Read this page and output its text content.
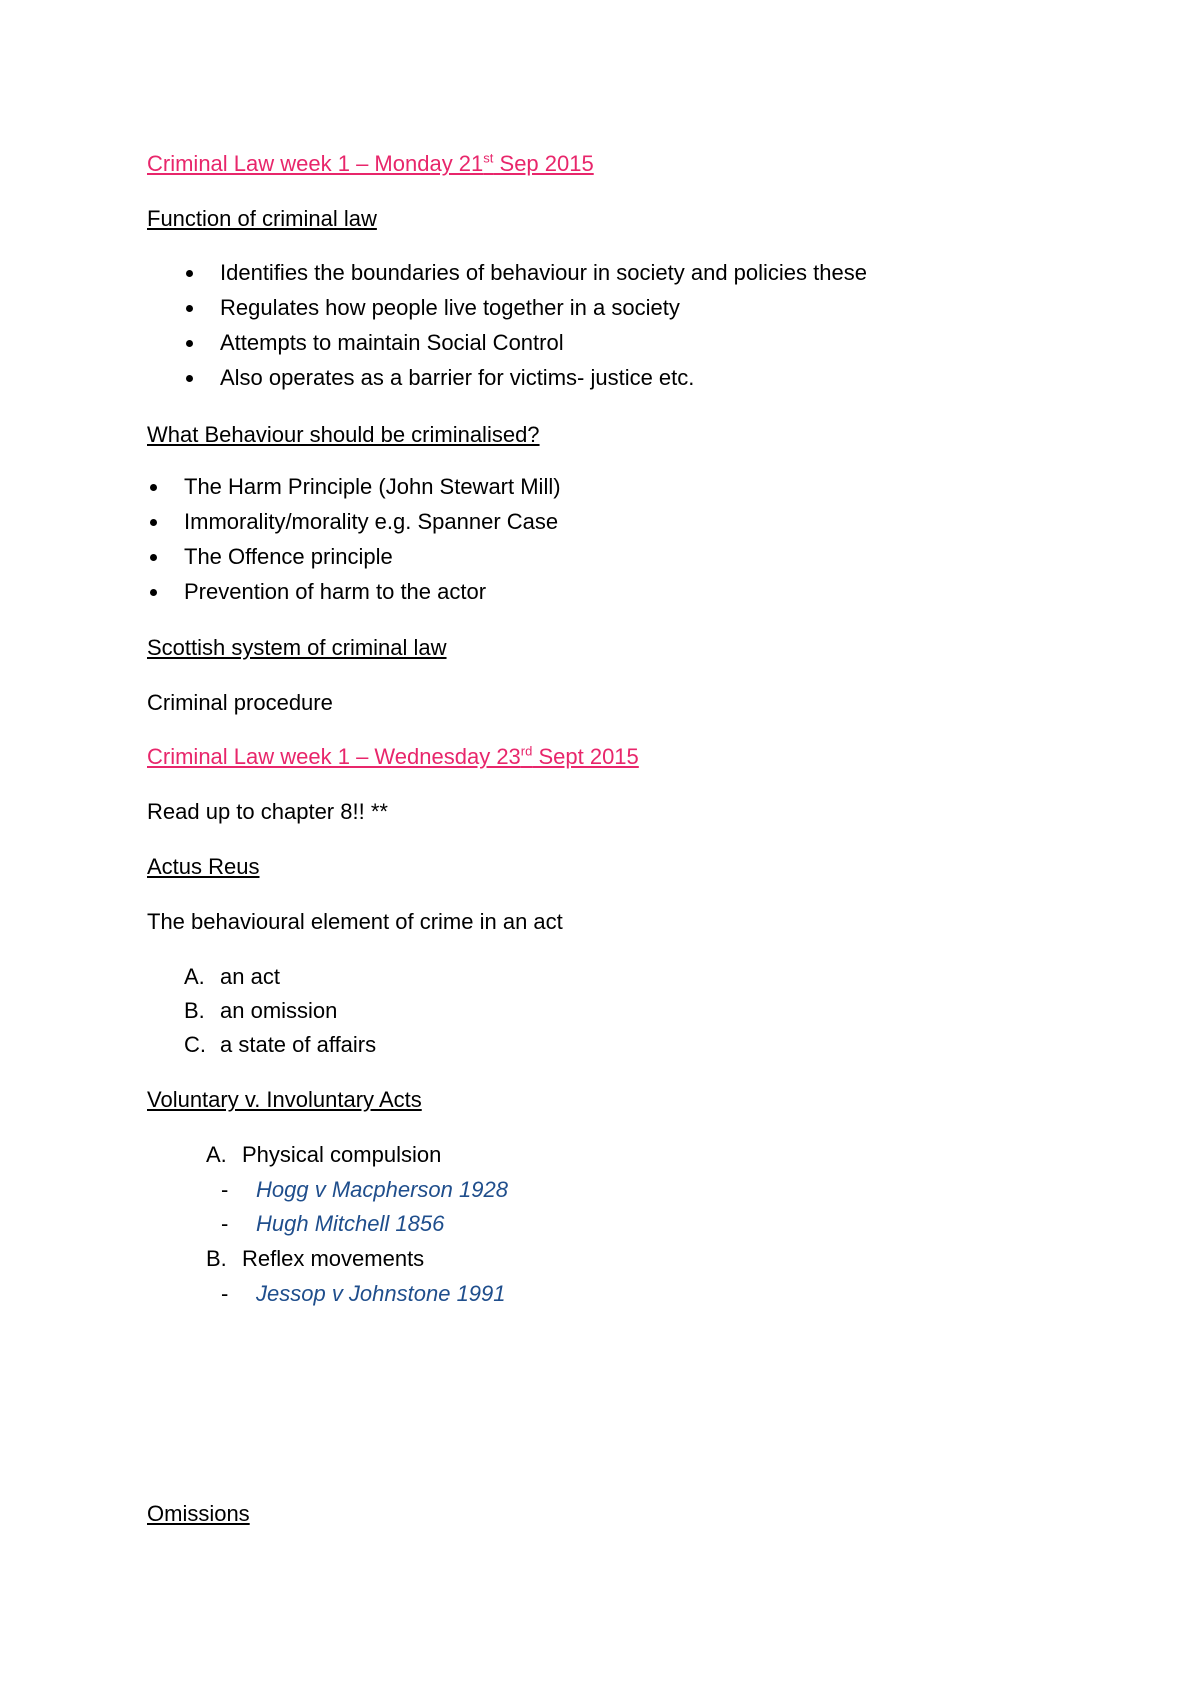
Criminal Law week 1 – Monday 21st Sep 2015
Function of criminal law
Identifies the boundaries of behaviour in society and policies these
Regulates how people live together in a society
Attempts to maintain Social Control
Also operates as a barrier for victims- justice etc.
What Behaviour should be criminalised?
The Harm Principle (John Stewart Mill)
Immorality/morality e.g. Spanner Case
The Offence principle
Prevention of harm to the actor
Scottish system of criminal law
Criminal procedure
Criminal Law week 1 – Wednesday 23rd Sept 2015
Read up to chapter 8!! **
Actus Reus
The behavioural element of crime in an act
A. an act
B. an omission
C. a state of affairs
Voluntary v. Involuntary Acts
A. Physical compulsion
- Hogg v Macpherson 1928
- Hugh Mitchell 1856
B. Reflex movements
- Jessop v Johnstone 1991
Omissions
